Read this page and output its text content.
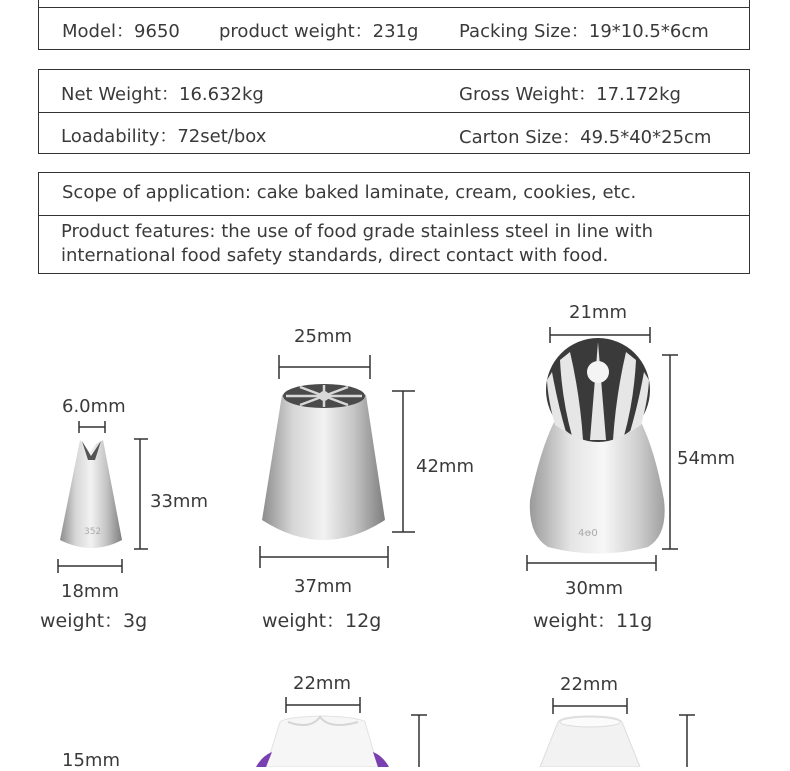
Model：9650 product weight：231g Packing Size：19*10.5*6cm
Net Weight：16.632kg	Gross Weight：17.172kg
Loadability：72set/box	Carton Size：49.5*40*25cm
Scope of application: cake baked laminate, cream, cookies, etc.
Product features: the use of food grade stainless steel in line with international food safety standards, direct contact with food.
352	4ꝋ0
6.0mm
33mm
18mm
weight：3g
25mm
42mm
37mm
weight：12g
21mm
54mm
30mm
weight：11g
22mm	22mm
15mm
